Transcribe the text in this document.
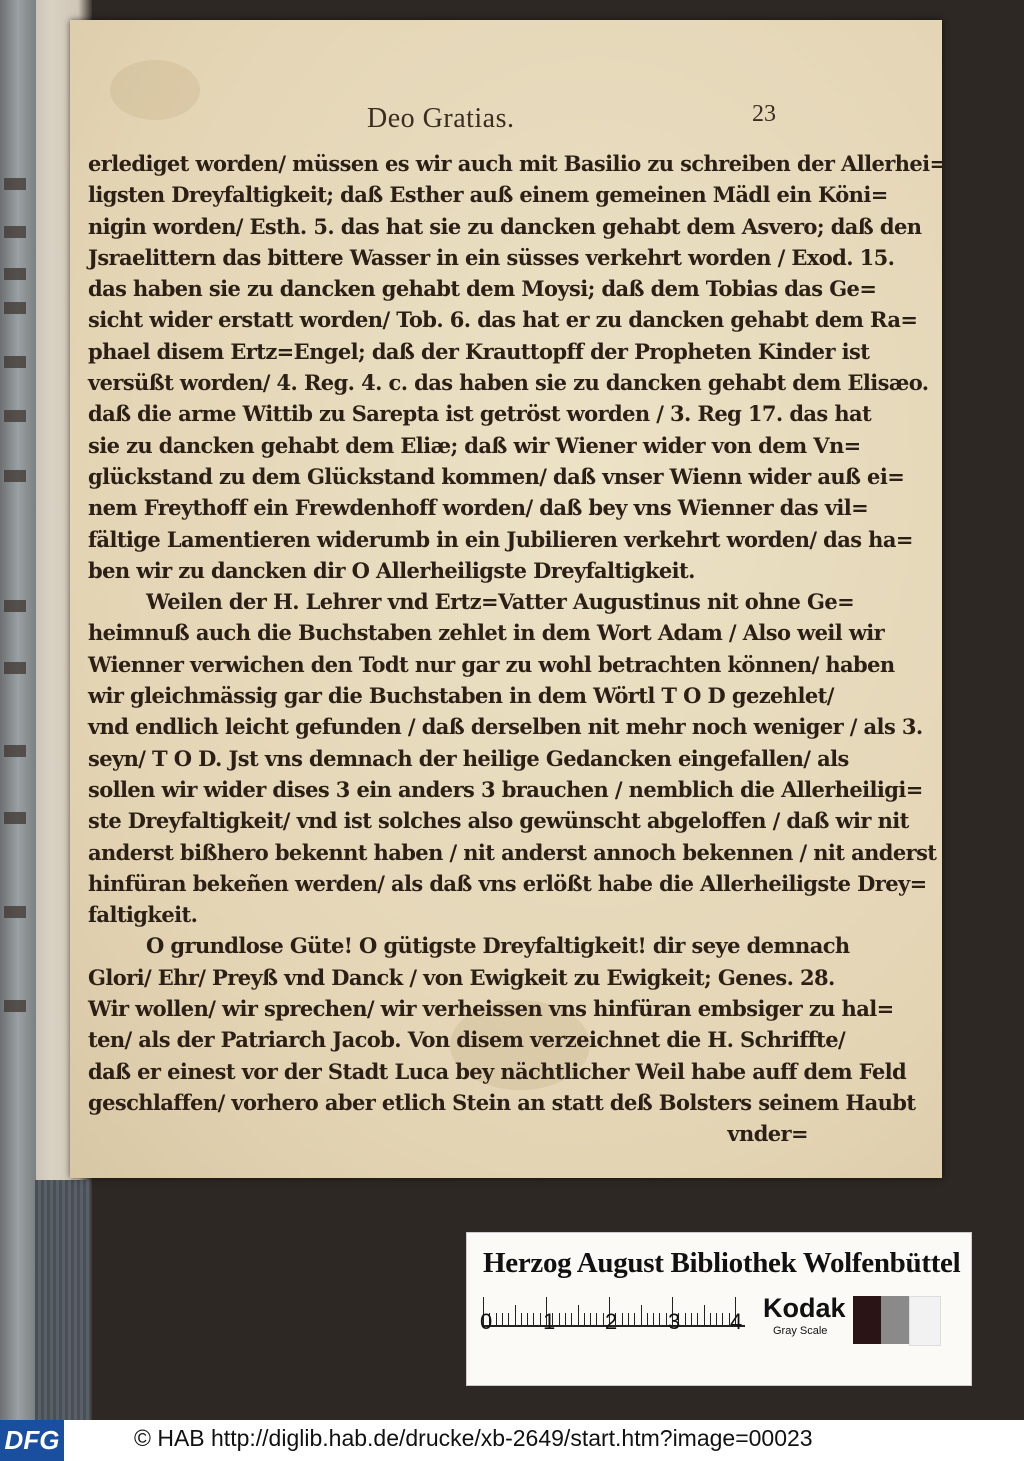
Deo Gratias.	23
erlediget worden/ müssen es wir auch mit Basilio zu schreiben der Allerhei=
ligsten Dreyfaltigkeit; daß Esther auß einem gemeinen Mädl ein Köni=
nigin worden/ Esth. 5. das hat sie zu dancken gehabt dem Asvero; daß den
Jsraelittern das bittere Wasser in ein süsses verkehrt worden / Exod. 15.
das haben sie zu dancken gehabt dem Moysi; daß dem Tobias das Ge=
sicht wider erstatt worden/ Tob. 6. das hat er zu dancken gehabt dem Ra=
phael disem Ertz=Engel; daß der Krauttopff der Propheten Kinder ist
versüßt worden/ 4. Reg. 4. c. das haben sie zu dancken gehabt dem Elisæo.
daß die arme Wittib zu Sarepta ist getröst worden / 3. Reg 17. das hat
sie zu dancken gehabt dem Eliæ; daß wir Wiener wider von dem Vn=
glückstand zu dem Glückstand kommen/ daß vnser Wienn wider auß ei=
nem Freythoff ein Frewdenhoff worden/ daß bey vns Wienner das vil=
fältige Lamentieren widerumb in ein Jubilieren verkehrt worden/ das ha=
ben wir zu dancken dir O Allerheiligste Dreyfaltigkeit.
Weilen der H. Lehrer vnd Ertz=Vatter Augustinus nit ohne Ge=
heimnuß auch die Buchstaben zehlet in dem Wort Adam / Also weil wir
Wienner verwichen den Todt nur gar zu wohl betrachten können/ haben
wir gleichmässig gar die Buchstaben in dem Wörtl T O D gezehlet/
vnd endlich leicht gefunden / daß derselben nit mehr noch weniger / als 3.
seyn/ T O D. Jst vns demnach der heilige Gedancken eingefallen/ als
sollen wir wider dises 3 ein anders 3 brauchen / nemblich die Allerheiligi=
ste Dreyfaltigkeit/ vnd ist solches also gewünscht abgeloffen / daß wir nit
anderst bißhero bekennt haben / nit anderst annoch bekennen / nit anderst
hinfüran bekeñen werden/ als daß vns erlößt habe die Allerheiligste Drey=
faltigkeit.
O grundlose Güte! O gütigste Dreyfaltigkeit! dir seye demnach
Glori/ Ehr/ Preyß vnd Danck / von Ewigkeit zu Ewigkeit; Genes. 28.
Wir wollen/ wir sprechen/ wir verheissen vns hinfüran embsiger zu hal=
ten/ als der Patriarch Jacob. Von disem verzeichnet die H. Schriffte/
daß er einest vor der Stadt Luca bey nächtlicher Weil habe auff dem Feld
geschlaffen/ vorhero aber etlich Stein an statt deß Bolsters seinem Haubt
vnder=
Herzog August Bibliothek Wolfenbüttel
0 1 2 3 4 Kodak
Gray Scale
DFG	© HAB http://diglib.hab.de/drucke/xb-2649/start.htm?image=00023
